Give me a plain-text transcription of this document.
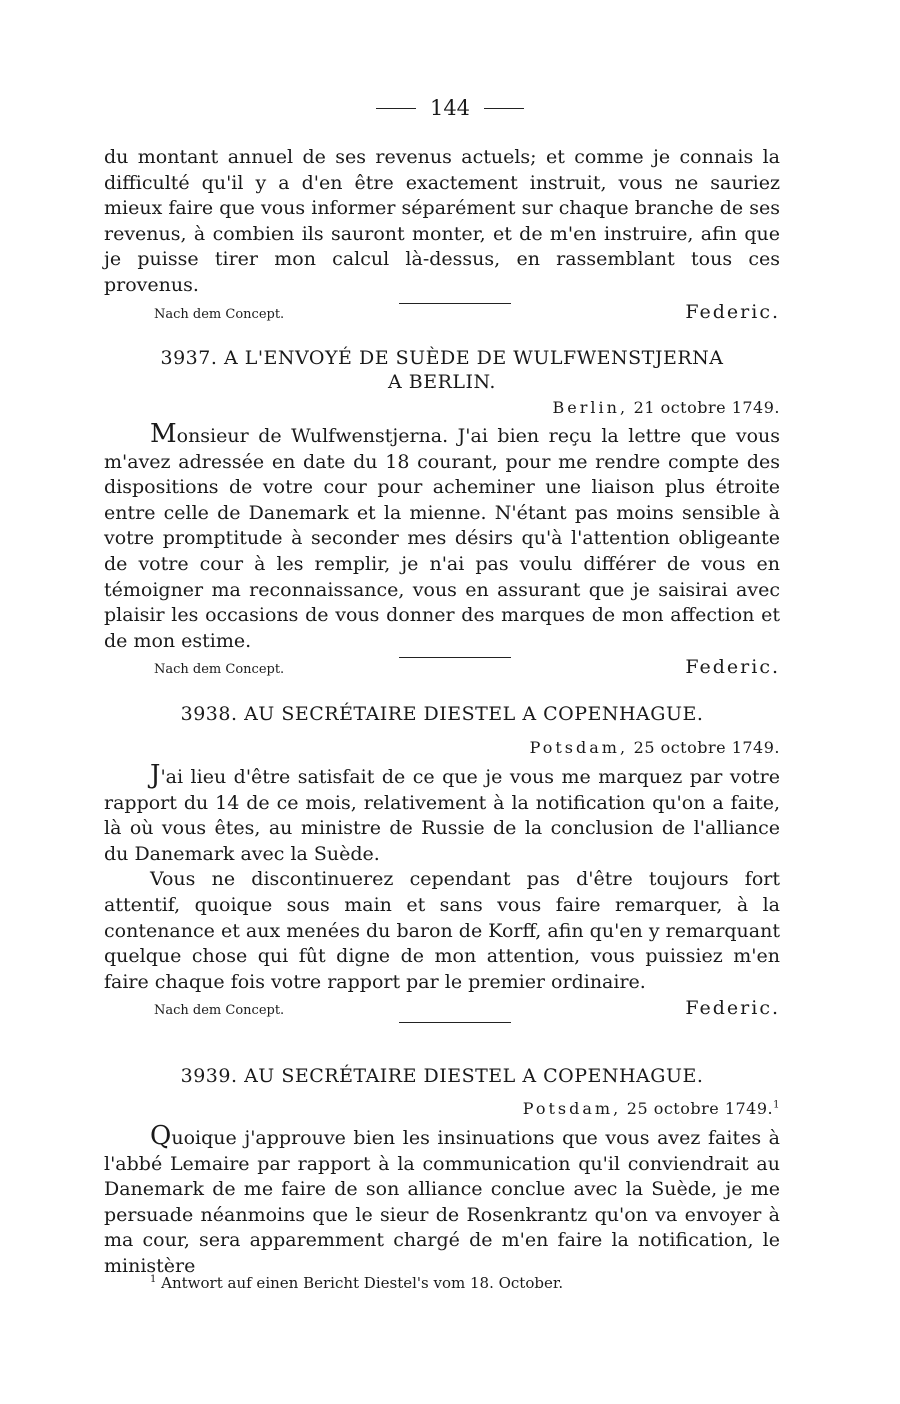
144

du montant annuel de ses revenus actuels; et comme je connais la difficulté qu'il y a d'en être exactement instruit, vous ne sauriez mieux faire que vous informer séparément sur chaque branche de ses revenus, à combien ils sauront monter, et de m'en instruire, afin que je puisse tirer mon calcul là-dessus, en rassemblant tous ces provenus.

Nach dem Concept.	Federic.
3937. A L'ENVOYÉ DE SUÈDE DE WULFWENSTJERNA
A BERLIN.
Berlin, 21 octobre 1749.

Monsieur de Wulfwenstjerna. J'ai bien reçu la lettre que vous m'avez adressée en date du 18 courant, pour me rendre compte des dispositions de votre cour pour acheminer une liaison plus étroite entre celle de Danemark et la mienne. N'étant pas moins sensible à votre promptitude à seconder mes désirs qu'à l'attention obligeante de votre cour à les remplir, je n'ai pas voulu différer de vous en témoigner ma reconnaissance, vous en assurant que je saisirai avec plaisir les occasions de vous donner des marques de mon affection et de mon estime.

Nach dem Concept.	Federic.
3938. AU SECRÉTAIRE DIESTEL A COPENHAGUE.
Potsdam, 25 octobre 1749.

J'ai lieu d'être satisfait de ce que je vous me marquez par votre rapport du 14 de ce mois, relativement à la notification qu'on a faite, là où vous êtes, au ministre de Russie de la conclusion de l'alliance du Danemark avec la Suède.

Vous ne discontinuerez cependant pas d'être toujours fort attentif, quoique sous main et sans vous faire remarquer, à la contenance et aux menées du baron de Korff, afin qu'en y remarquant quelque chose qui fût digne de mon attention, vous puissiez m'en faire chaque fois votre rapport par le premier ordinaire.

Nach dem Concept.	Federic.
3939. AU SECRÉTAIRE DIESTEL A COPENHAGUE.
Potsdam, 25 octobre 1749.$^1$

Quoique j'approuve bien les insinuations que vous avez faites à l'abbé Lemaire par rapport à la communication qu'il conviendrait au Danemark de me faire de son alliance conclue avec la Suède, je me persuade néanmoins que le sieur de Rosenkrantz qu'on va envoyer à ma cour, sera apparemment chargé de m'en faire la notification, le ministère

$^1$ Antwort auf einen Bericht Diestel's vom 18. October.
